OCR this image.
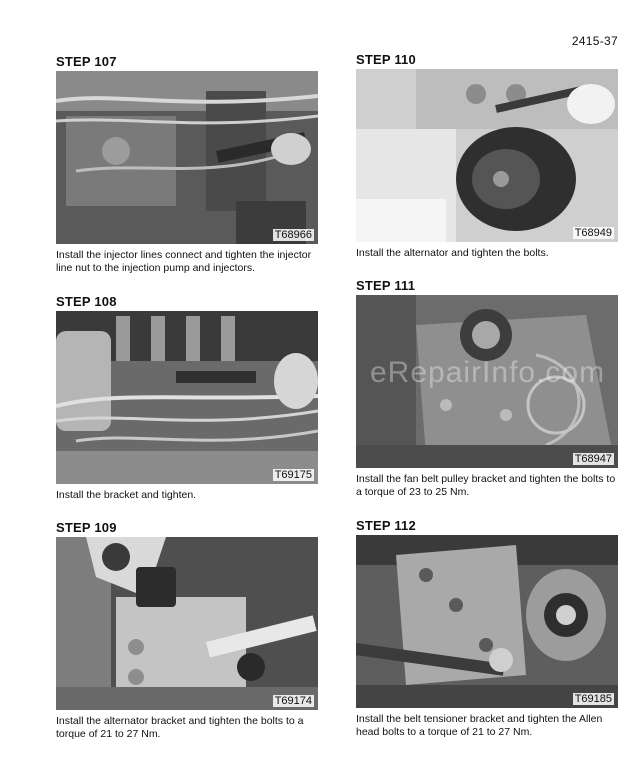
2415-37
STEP 107
T68966
Install the injector lines connect and tighten the injector line nut to the injection pump and injectors.
STEP 108
T69175
Install the bracket and tighten.
STEP 109
T69174
Install the alternator bracket and tighten the bolts to a torque of 21 to 27 Nm.
STEP 110
T68949
Install the alternator and tighten the bolts.
STEP 111
T68947
Install the fan belt pulley bracket and tighten the bolts to a torque of 23 to 25 Nm.
STEP 112
T69185
Install the belt tensioner bracket and tighten the Allen head bolts to a torque of 21 to 27 Nm.
eRepairInfo.com
